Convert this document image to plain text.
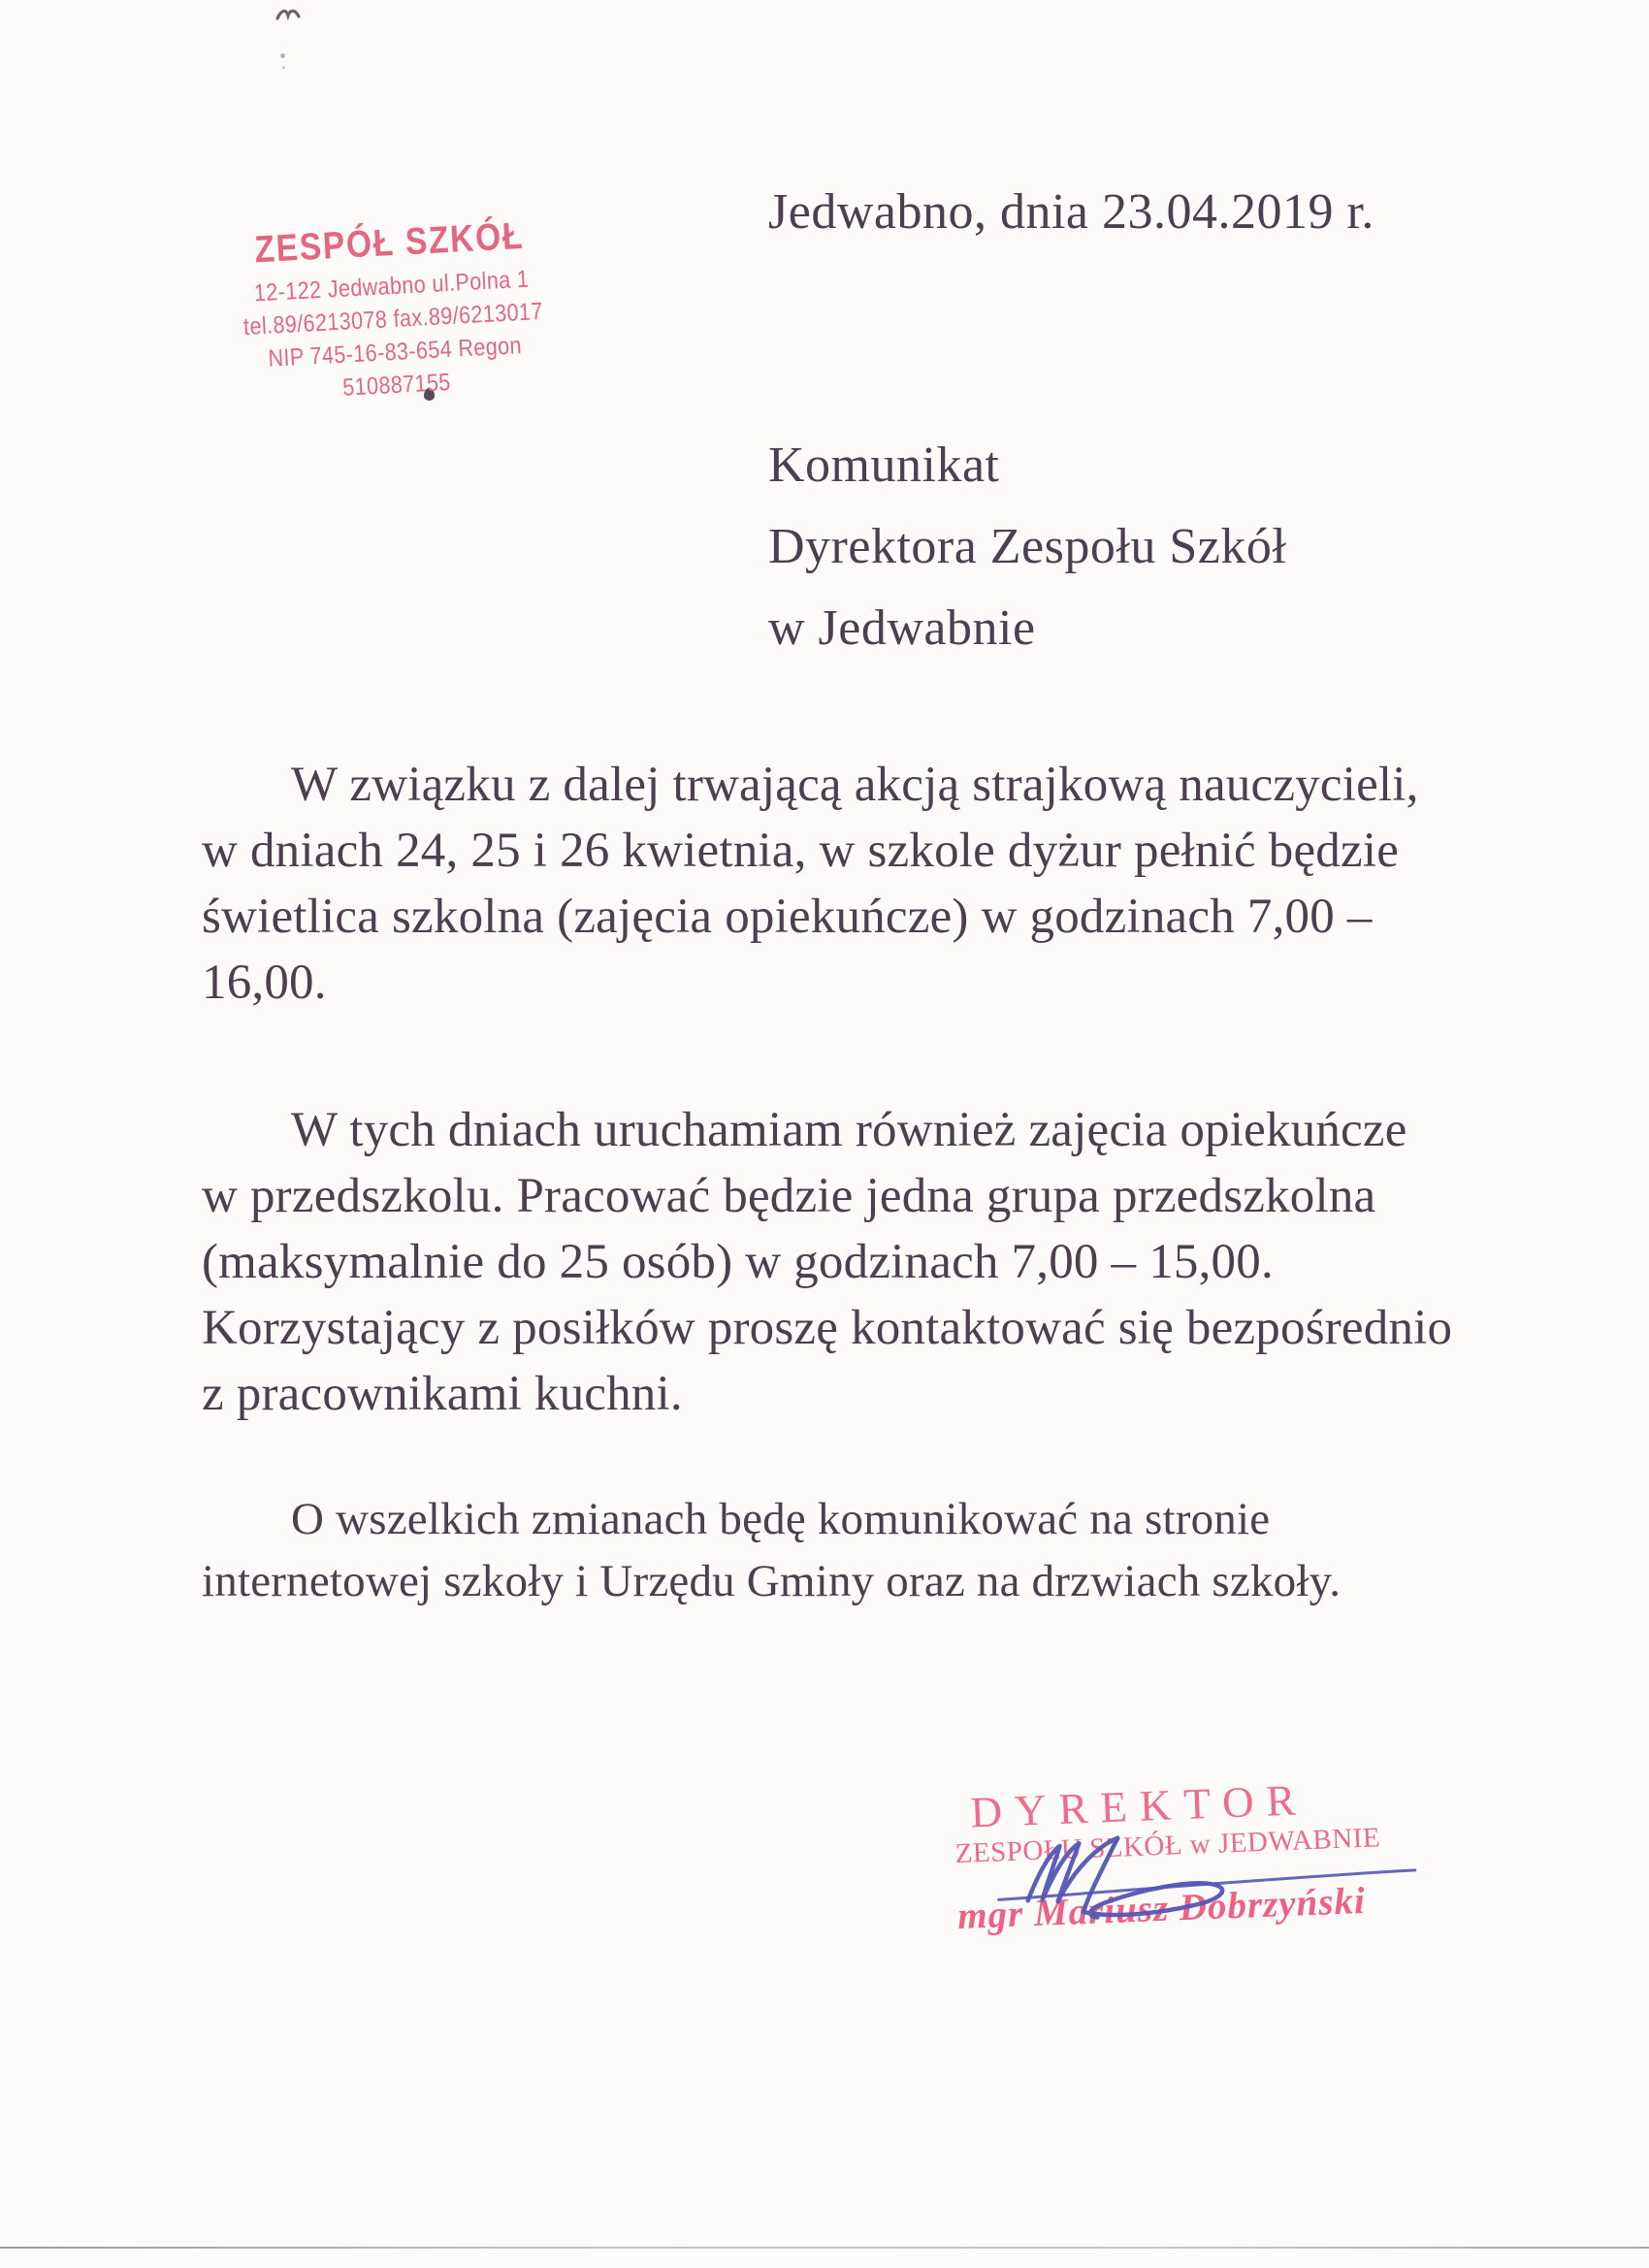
Jedwabno, dnia 23.04.2019 r.
ZESPÓŁ SZKÓŁ
12-122 Jedwabno ul.Polna 1
tel.89/6213078 fax.89/6213017
NIP 745-16-83-654 Regon 510887155
Komunikat
Dyrektora Zespołu Szkół
w Jedwabnie
W związku z dalej trwającą akcją strajkową nauczycieli,
w dniach 24, 25 i 26 kwietnia, w szkole dyżur pełnić będzie
świetlica szkolna (zajęcia opiekuńcze) w godzinach 7,00 –
16,00.
W tych dniach uruchamiam również zajęcia opiekuńcze
w przedszkolu. Pracować będzie jedna grupa przedszkolna
(maksymalnie do 25 osób) w godzinach 7,00 – 15,00.
Korzystający z posiłków proszę kontaktować się bezpośrednio
z pracownikami kuchni.
O wszelkich zmianach będę komunikować na stronie
internetowej szkoły i Urzędu Gminy oraz na drzwiach szkoły.
DYREKTOR
ZESPOŁU SZKÓŁ w JEDWABNIE
mgr Mariusz Dobrzyński
